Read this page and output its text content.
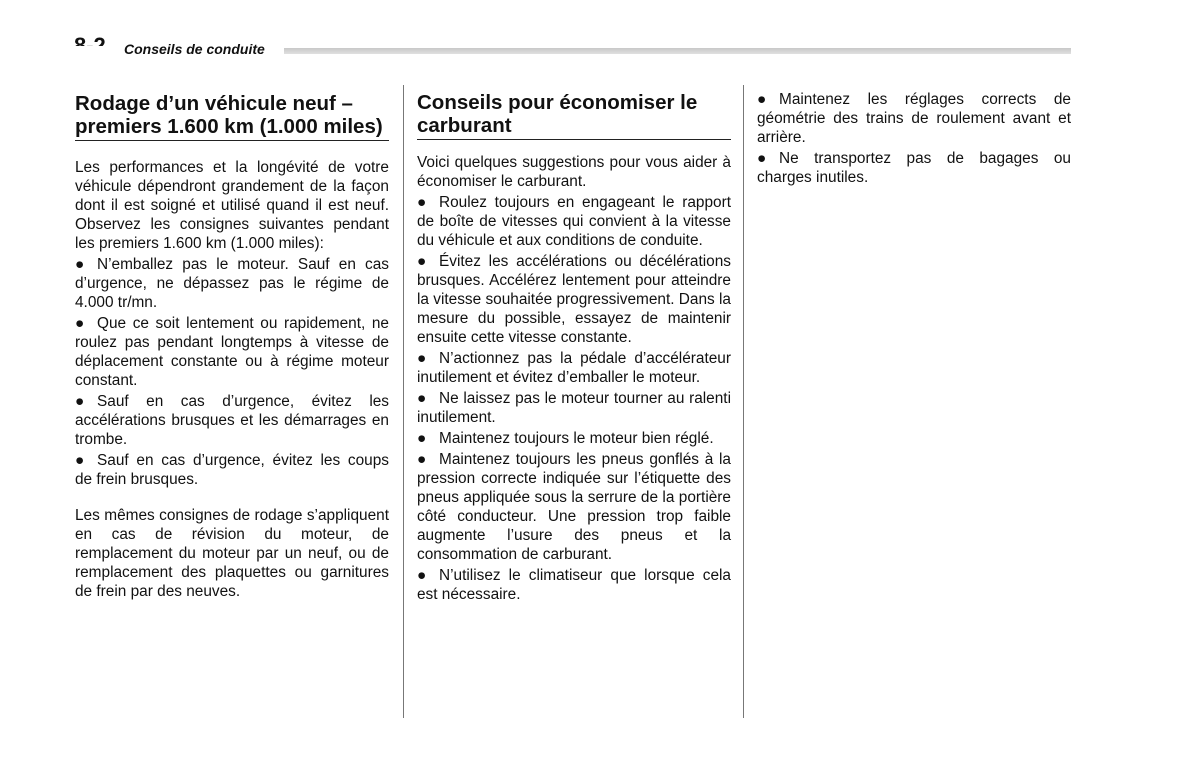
Conseils de conduite
Rodage d’un véhicule neuf – premiers 1.600 km (1.000 miles)

Les performances et la longévité de votre véhicule dépendront grandement de la façon dont il est soigné et utilisé quand il est neuf. Observez les consignes suivantes pendant les premiers 1.600 km (1.000 miles):

● N’emballez pas le moteur. Sauf en cas d’urgence, ne dépassez pas le régime de 4.000 tr/mn.
● Que ce soit lentement ou rapidement, ne roulez pas pendant longtemps à vitesse de déplacement constante ou à régime moteur constant.
● Sauf en cas d’urgence, évitez les accélérations brusques et les démarrages en trombe.
● Sauf en cas d’urgence, évitez les coups de frein brusques.

Les mêmes consignes de rodage s’appliquent en cas de révision du moteur, de remplacement du moteur par un neuf, ou de remplacement des plaquettes ou garnitures de frein par des neuves.

Conseils pour économiser le carburant

Voici quelques suggestions pour vous aider à économiser le carburant.

● Roulez toujours en engageant le rapport de boîte de vitesses qui convient à la vitesse du véhicule et aux conditions de conduite.
● Évitez les accélérations ou décélérations brusques. Accélérez lentement pour atteindre la vitesse souhaitée progressivement. Dans la mesure du possible, essayez de maintenir ensuite cette vitesse constante.
● N’actionnez pas la pédale d’accélérateur inutilement et évitez d’emballer le moteur.
● Ne laissez pas le moteur tourner au ralenti inutilement.
● Maintenez toujours le moteur bien réglé.
● Maintenez toujours les pneus gonflés à la pression correcte indiquée sur l’étiquette des pneus appliquée sous la serrure de la portière côté conducteur. Une pression trop faible augmente l’usure des pneus et la consommation de carburant.
● N’utilisez le climatiseur que lorsque cela est nécessaire.
● Maintenez les réglages corrects de géométrie des trains de roulement avant et arrière.
● Ne transportez pas de bagages ou charges inutiles.
